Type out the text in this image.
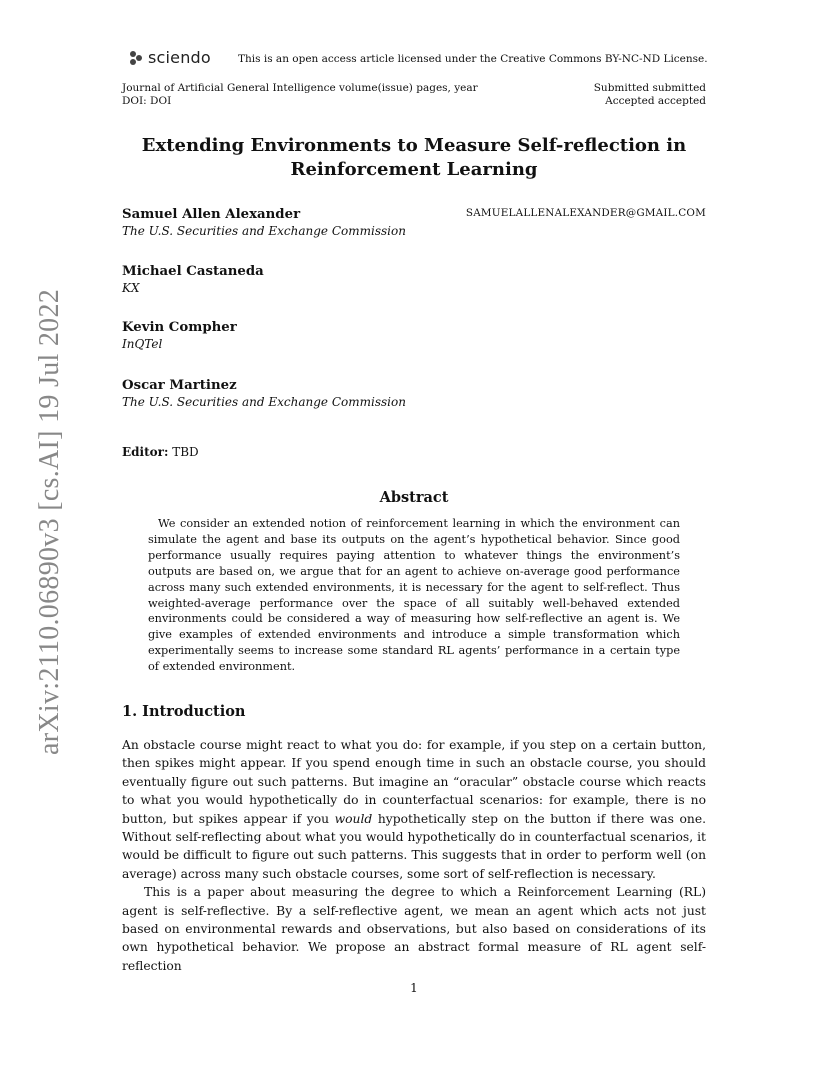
sciendo	This is an open access article licensed under the Creative Commons BY-NC-ND License.
Journal of Artificial General Intelligence volume(issue) pages, year
DOI: DOI
Submitted submitted
Accepted accepted
Extending Environments to Measure Self-reflection in
Reinforcement Learning
Samuel Allen Alexander
The U.S. Securities and Exchange Commission
SAMUELALLENALEXANDER@GMAIL.COM
Michael Castaneda
KX
Kevin Compher
InQTel
Oscar Martinez
The U.S. Securities and Exchange Commission
Editor: TBD
Abstract
We consider an extended notion of reinforcement learning in which the environment can simulate the agent and base its outputs on the agent’s hypothetical behavior. Since good performance usually requires paying attention to whatever things the environment’s outputs are based on, we argue that for an agent to achieve on-average good performance across many such extended environments, it is necessary for the agent to self-reflect. Thus weighted-average performance over the space of all suitably well-behaved extended environments could be considered a way of measuring how self-reflective an agent is. We give examples of extended environments and introduce a simple transformation which experimentally seems to increase some standard RL agents’ performance in a certain type of extended environment.
1. Introduction

An obstacle course might react to what you do: for example, if you step on a certain button, then spikes might appear. If you spend enough time in such an obstacle course, you should eventually figure out such patterns. But imagine an “oracular” obstacle course which reacts to what you would hypothetically do in counterfactual scenarios: for example, there is no button, but spikes appear if you would hypothetically step on the button if there was one. Without self-reflecting about what you would hypothetically do in counterfactual scenarios, it would be difficult to figure out such patterns. This suggests that in order to perform well (on average) across many such obstacle courses, some sort of self-reflection is necessary.

This is a paper about measuring the degree to which a Reinforcement Learning (RL) agent is self-reflective. By a self-reflective agent, we mean an agent which acts not just based on environmental rewards and observations, but also based on considerations of its own hypothetical behavior. We propose an abstract formal measure of RL agent self-reflection

1
arXiv:2110.06890v3 [cs.AI] 19 Jul 2022
